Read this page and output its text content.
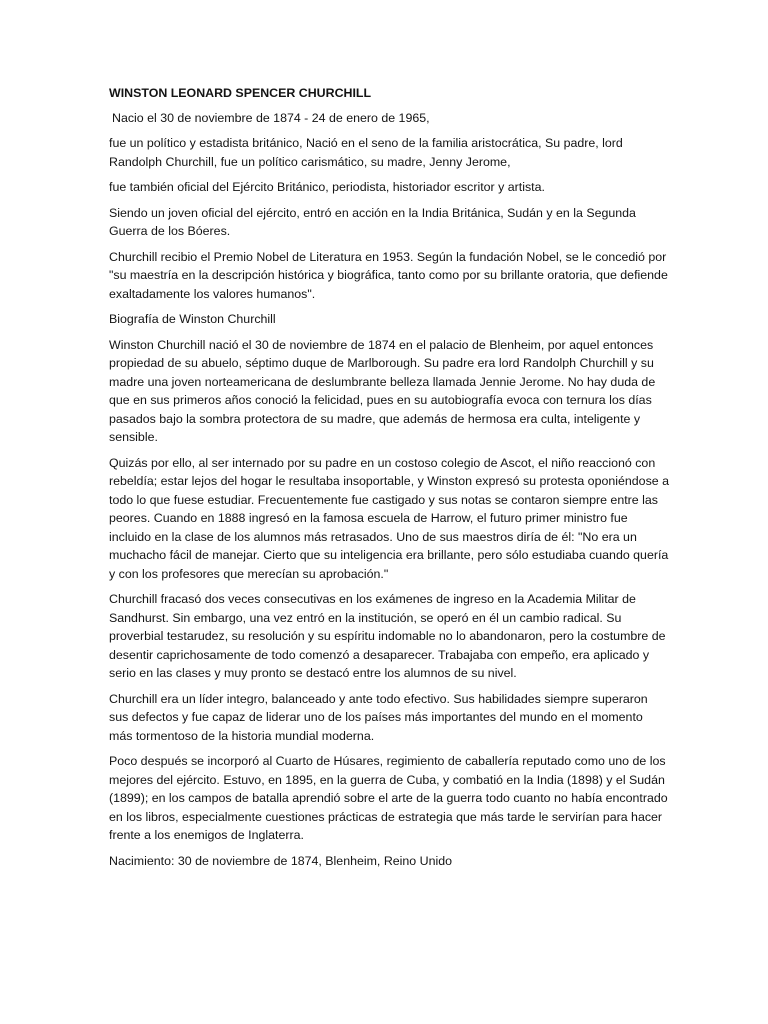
WINSTON LEONARD SPENCER CHURCHILL

Nacio el 30 de noviembre de 1874 - 24 de enero de 1965,

fue un político y estadista británico, Nació en el seno de la familia aristocrática, Su padre, lord Randolph Churchill, fue un político carismático, su madre, Jenny Jerome,

fue también oficial del Ejército Británico, periodista, historiador escritor y artista.

Siendo un joven oficial del ejército, entró en acción en la India Británica, Sudán y en la Segunda Guerra de los Bóeres.

Churchill recibio el Premio Nobel de Literatura en 1953. Según la fundación Nobel, se le concedió por "su maestría en la descripción histórica y biográfica, tanto como por su brillante oratoria, que defiende exaltadamente los valores humanos".

Biografía de Winston Churchill

Winston Churchill nació el 30 de noviembre de 1874 en el palacio de Blenheim, por aquel entonces propiedad de su abuelo, séptimo duque de Marlborough. Su padre era lord Randolph Churchill y su madre una joven norteamericana de deslumbrante belleza llamada Jennie Jerome. No hay duda de que en sus primeros años conoció la felicidad, pues en su autobiografía evoca con ternura los días pasados bajo la sombra protectora de su madre, que además de hermosa era culta, inteligente y sensible.

Quizás por ello, al ser internado por su padre en un costoso colegio de Ascot, el niño reaccionó con rebeldía; estar lejos del hogar le resultaba insoportable, y Winston expresó su protesta oponiéndose a todo lo que fuese estudiar. Frecuentemente fue castigado y sus notas se contaron siempre entre las peores. Cuando en 1888 ingresó en la famosa escuela de Harrow, el futuro primer ministro fue incluido en la clase de los alumnos más retrasados. Uno de sus maestros diría de él: "No era un muchacho fácil de manejar. Cierto que su inteligencia era brillante, pero sólo estudiaba cuando quería y con los profesores que merecían su aprobación."

Churchill fracasó dos veces consecutivas en los exámenes de ingreso en la Academia Militar de Sandhurst. Sin embargo, una vez entró en la institución, se operó en él un cambio radical. Su proverbial testarudez, su resolución y su espíritu indomable no lo abandonaron, pero la costumbre de desentir caprichosamente de todo comenzó a desaparecer. Trabajaba con empeño, era aplicado y serio en las clases y muy pronto se destacó entre los alumnos de su nivel.

Churchill era un líder integro, balanceado y ante todo efectivo. Sus habilidades siempre superaron sus defectos y fue capaz de liderar uno de los países más importantes del mundo en el momento más tormentoso de la historia mundial moderna.

Poco después se incorporó al Cuarto de Húsares, regimiento de caballería reputado como uno de los mejores del ejército. Estuvo, en 1895, en la guerra de Cuba, y combatió en la India (1898) y el Sudán (1899); en los campos de batalla aprendió sobre el arte de la guerra todo cuanto no había encontrado en los libros, especialmente cuestiones prácticas de estrategia que más tarde le servirían para hacer frente a los enemigos de Inglaterra.

Nacimiento: 30 de noviembre de 1874, Blenheim, Reino Unido
